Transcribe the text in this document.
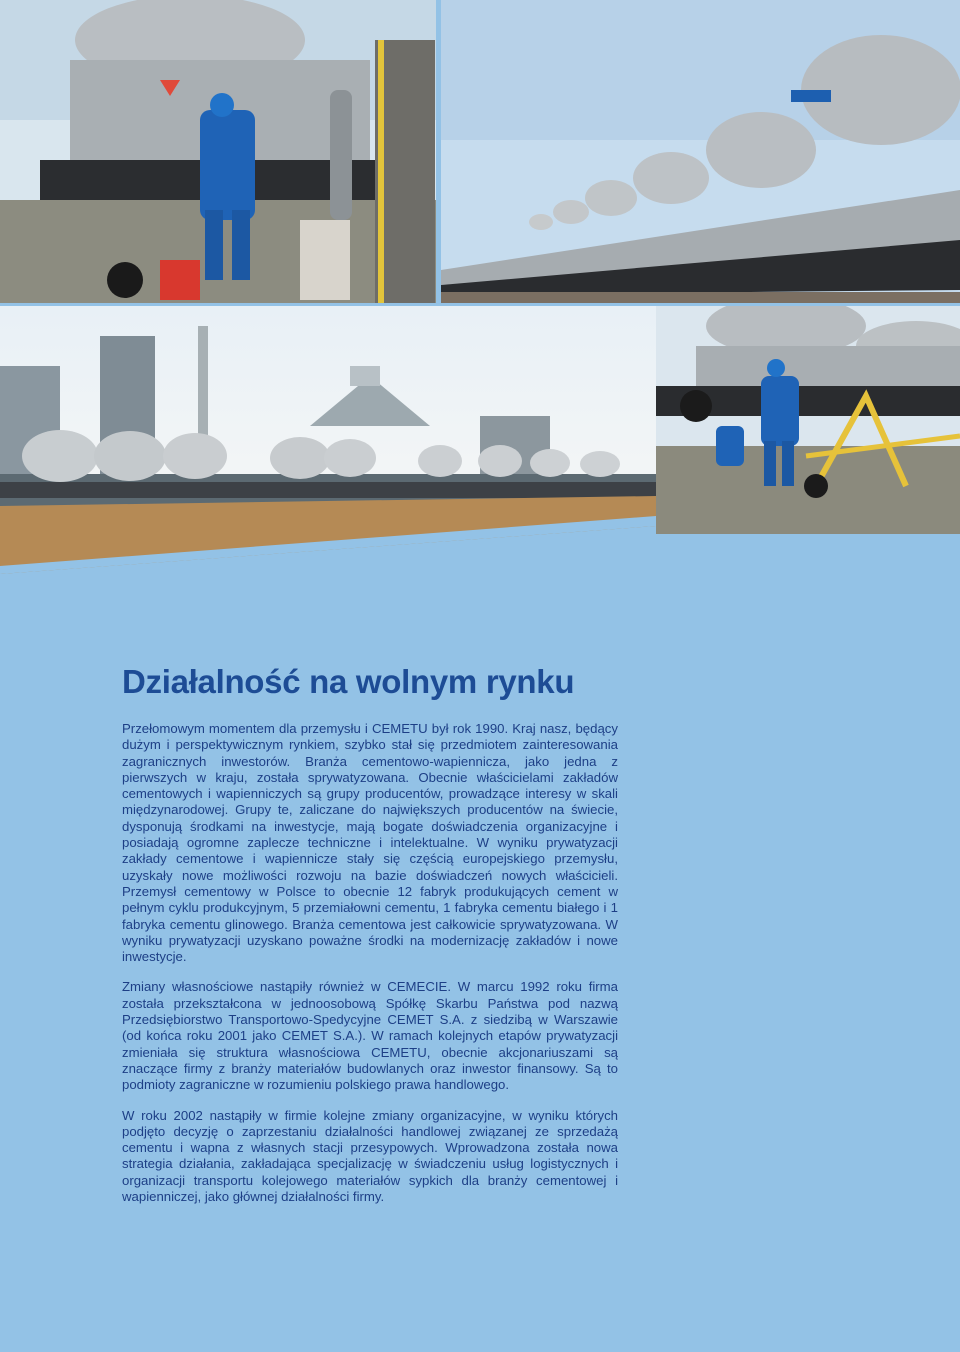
Działalność na wolnym rynku

Przełomowym momentem dla przemysłu i CEMETU był rok 1990. Kraj nasz, będący dużym i perspektywicznym rynkiem, szybko stał się przedmiotem zainteresowania zagranicznych inwestorów. Branża cementowo-wapiennicza, jako jedna z pierwszych w kraju, została sprywatyzowana. Obecnie właścicielami zakładów cementowych i wapienniczych są grupy producentów, prowadzące interesy w skali międzynarodowej. Grupy te, zaliczane do największych producentów na świecie, dysponują środkami na inwestycje, mają bogate doświadczenia organizacyjne i posiadają ogromne zaplecze techniczne i intelektualne. W wyniku prywatyzacji zakłady cementowe i wapiennicze stały się częścią europejskiego przemysłu, uzyskały nowe możliwości rozwoju na bazie doświadczeń nowych właścicieli. Przemysł cementowy w Polsce to obecnie 12 fabryk produkujących cement w pełnym cyklu produkcyjnym, 5 przemiałowni cementu, 1 fabryka cementu białego i 1 fabryka cementu glinowego. Branża cementowa jest całkowicie sprywatyzowana. W wyniku prywatyzacji uzyskano poważne środki na modernizację zakładów i nowe inwestycje.

Zmiany własnościowe nastąpiły również w CEMECIE. W marcu 1992 roku firma została przekształcona w jednoosobową Spółkę Skarbu Państwa pod nazwą Przedsiębiorstwo Transportowo-Spedycyjne CEMET S.A. z siedzibą w Warszawie (od końca roku 2001 jako CEMET S.A.). W ramach kolejnych etapów prywatyzacji zmieniała się struktura własnościowa CEMETU, obecnie akcjonariuszami są znaczące firmy z branży materiałów budowlanych oraz inwestor finansowy. Są to podmioty zagraniczne w rozumieniu polskiego prawa handlowego.

W roku 2002 nastąpiły w firmie kolejne zmiany organizacyjne, w wyniku których podjęto decyzję o zaprzestaniu działalności handlowej związanej ze sprzedażą cementu i wapna z własnych stacji przesypowych. Wprowadzona została nowa strategia działania, zakładająca specjalizację w świadczeniu usług logistycznych i organizacji transportu kolejowego materiałów sypkich dla branży cementowej i wapienniczej, jako głównej działalności firmy.
